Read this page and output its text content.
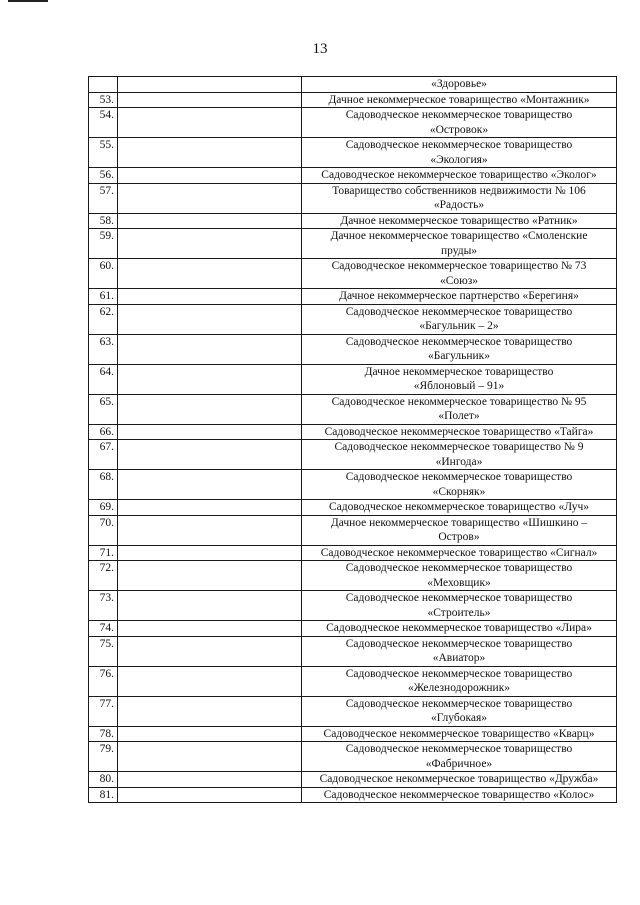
13

		«Здоровье»

53.		Дачное некоммерческое товарищество «Монтажник»

54.		Садоводческое некоммерческое товарищество
«Островок»

55.		Садоводческое некоммерческое товарищество
«Экология»

56.		Садоводческое некоммерческое товарищество «Эколог»

57.		Товарищество собственников недвижимости № 106
«Радость»

58.		Дачное некоммерческое товарищество «Ратник»

59.		Дачное некоммерческое товарищество «Смоленские
пруды»

60.		Садоводческое некоммерческое товарищество № 73
«Союз»

61.		Дачное некоммерческое партнерство «Берегиня»

62.		Садоводческое некоммерческое товарищество
«Багульник – 2»

63.		Садоводческое некоммерческое товарищество
«Багульник»

64.		Дачное некоммерческое товарищество
«Яблоновый – 91»

65.		Садоводческое некоммерческое товарищество № 95
«Полет»

66.		Садоводческое некоммерческое товарищество «Тайга»

67.		Садоводческое некоммерческое товарищество № 9
«Ингода»

68.		Садоводческое некоммерческое товарищество
«Скорняк»

69.		Садоводческое некоммерческое товарищество «Луч»

70.		Дачное некоммерческое товарищество «Шишкино –
Остров»

71.		Садоводческое некоммерческое товарищество «Сигнал»

72.		Садоводческое некоммерческое товарищество
«Меховщик»

73.		Садоводческое некоммерческое товарищество
«Строитель»

74.		Садоводческое некоммерческое товарищество «Лира»

75.		Садоводческое некоммерческое товарищество
«Авиатор»

76.		Садоводческое некоммерческое товарищество
«Железнодорожник»

77.		Садоводческое некоммерческое товарищество
«Глубокая»

78.		Садоводческое некоммерческое товарищество «Кварц»

79.		Садоводческое некоммерческое товарищество
«Фабричное»

80.		Садоводческое некоммерческое товарищество «Дружба»

81.		Садоводческое некоммерческое товарищество «Колос»
